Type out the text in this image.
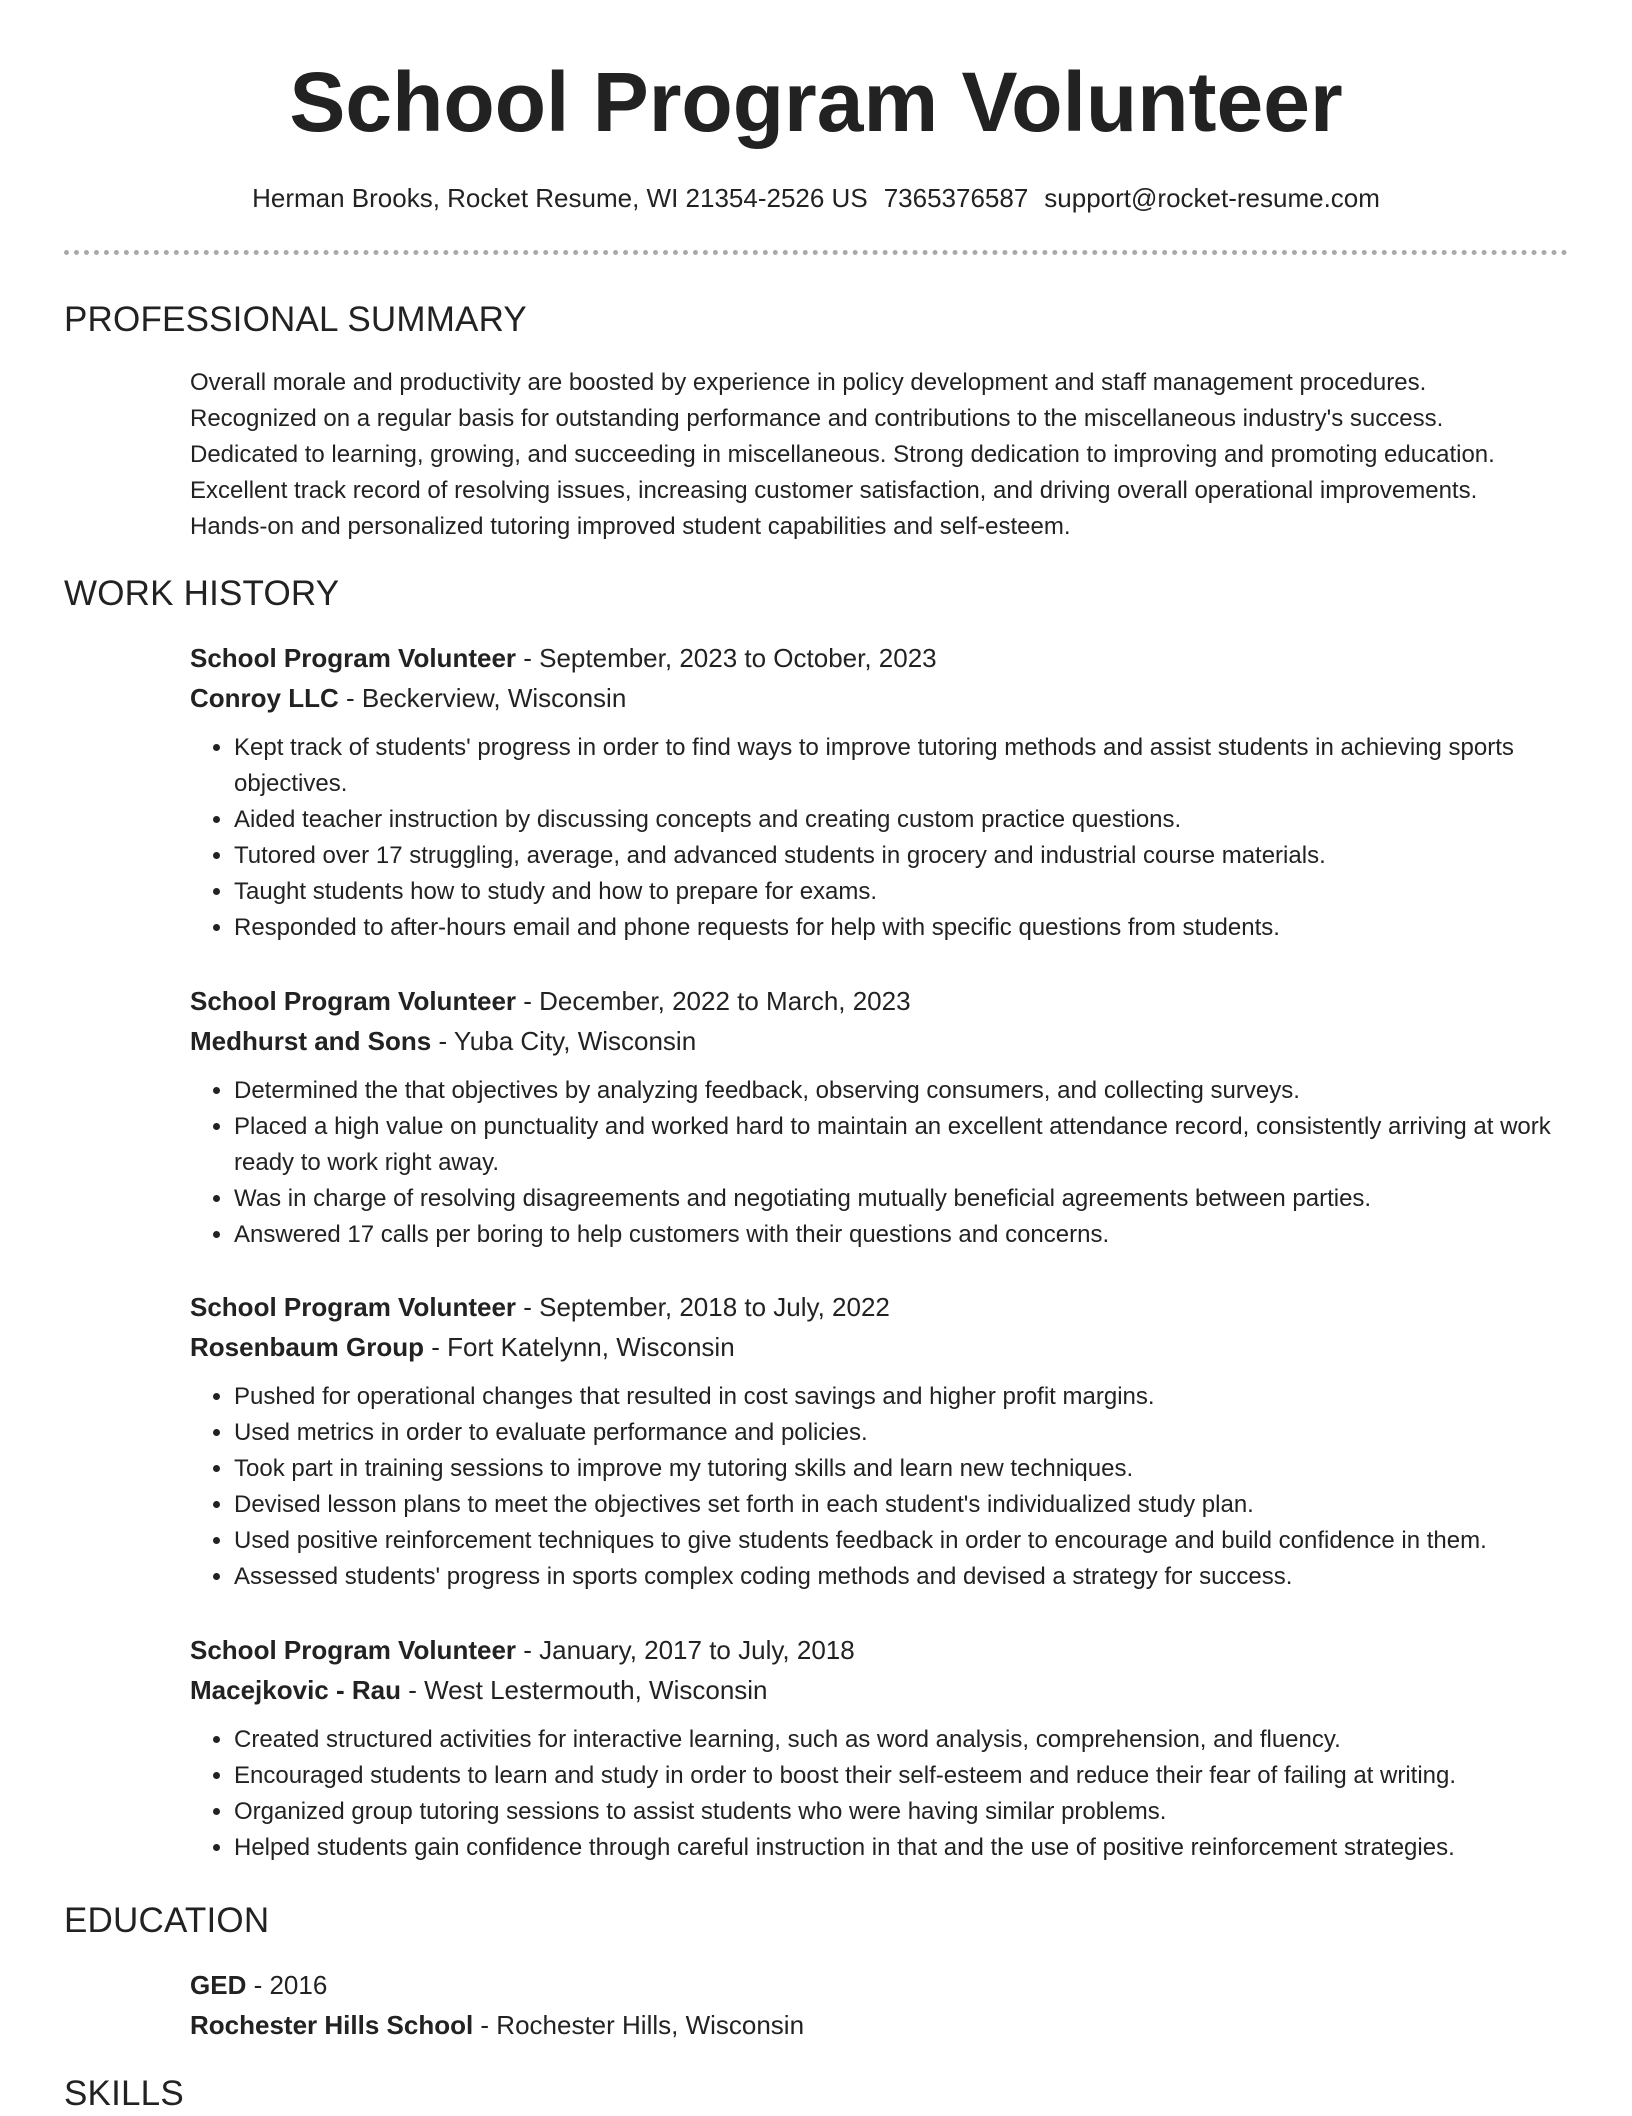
School Program Volunteer
Herman Brooks, Rocket Resume, WI 21354-2526 US 7365376587 support@rocket-resume.com
PROFESSIONAL SUMMARY

Overall morale and productivity are boosted by experience in policy development and staff management procedures.

Recognized on a regular basis for outstanding performance and contributions to the miscellaneous industry's success.

Dedicated to learning, growing, and succeeding in miscellaneous. Strong dedication to improving and promoting education.

Excellent track record of resolving issues, increasing customer satisfaction, and driving overall operational improvements.

Hands-on and personalized tutoring improved student capabilities and self-esteem.

WORK HISTORY
School Program Volunteer - September, 2023 to October, 2023
Conroy LLC - Beckerview, Wisconsin
• Kept track of students' progress in order to find ways to improve tutoring methods and assist students in achieving sports objectives.
• Aided teacher instruction by discussing concepts and creating custom practice questions.
• Tutored over 17 struggling, average, and advanced students in grocery and industrial course materials.
• Taught students how to study and how to prepare for exams.
• Responded to after-hours email and phone requests for help with specific questions from students.
School Program Volunteer - December, 2022 to March, 2023
Medhurst and Sons - Yuba City, Wisconsin
• Determined the that objectives by analyzing feedback, observing consumers, and collecting surveys.
• Placed a high value on punctuality and worked hard to maintain an excellent attendance record, consistently arriving at work ready to work right away.
• Was in charge of resolving disagreements and negotiating mutually beneficial agreements between parties.
• Answered 17 calls per boring to help customers with their questions and concerns.
School Program Volunteer - September, 2018 to July, 2022
Rosenbaum Group - Fort Katelynn, Wisconsin
• Pushed for operational changes that resulted in cost savings and higher profit margins.
• Used metrics in order to evaluate performance and policies.
• Took part in training sessions to improve my tutoring skills and learn new techniques.
• Devised lesson plans to meet the objectives set forth in each student's individualized study plan.
• Used positive reinforcement techniques to give students feedback in order to encourage and build confidence in them.
• Assessed students' progress in sports complex coding methods and devised a strategy for success.
School Program Volunteer - January, 2017 to July, 2018
Macejkovic - Rau - West Lestermouth, Wisconsin
• Created structured activities for interactive learning, such as word analysis, comprehension, and fluency.
• Encouraged students to learn and study in order to boost their self-esteem and reduce their fear of failing at writing.
• Organized group tutoring sessions to assist students who were having similar problems.
• Helped students gain confidence through careful instruction in that and the use of positive reinforcement strategies.
EDUCATION
GED - 2016
Rochester Hills School - Rochester Hills, Wisconsin
SKILLS
